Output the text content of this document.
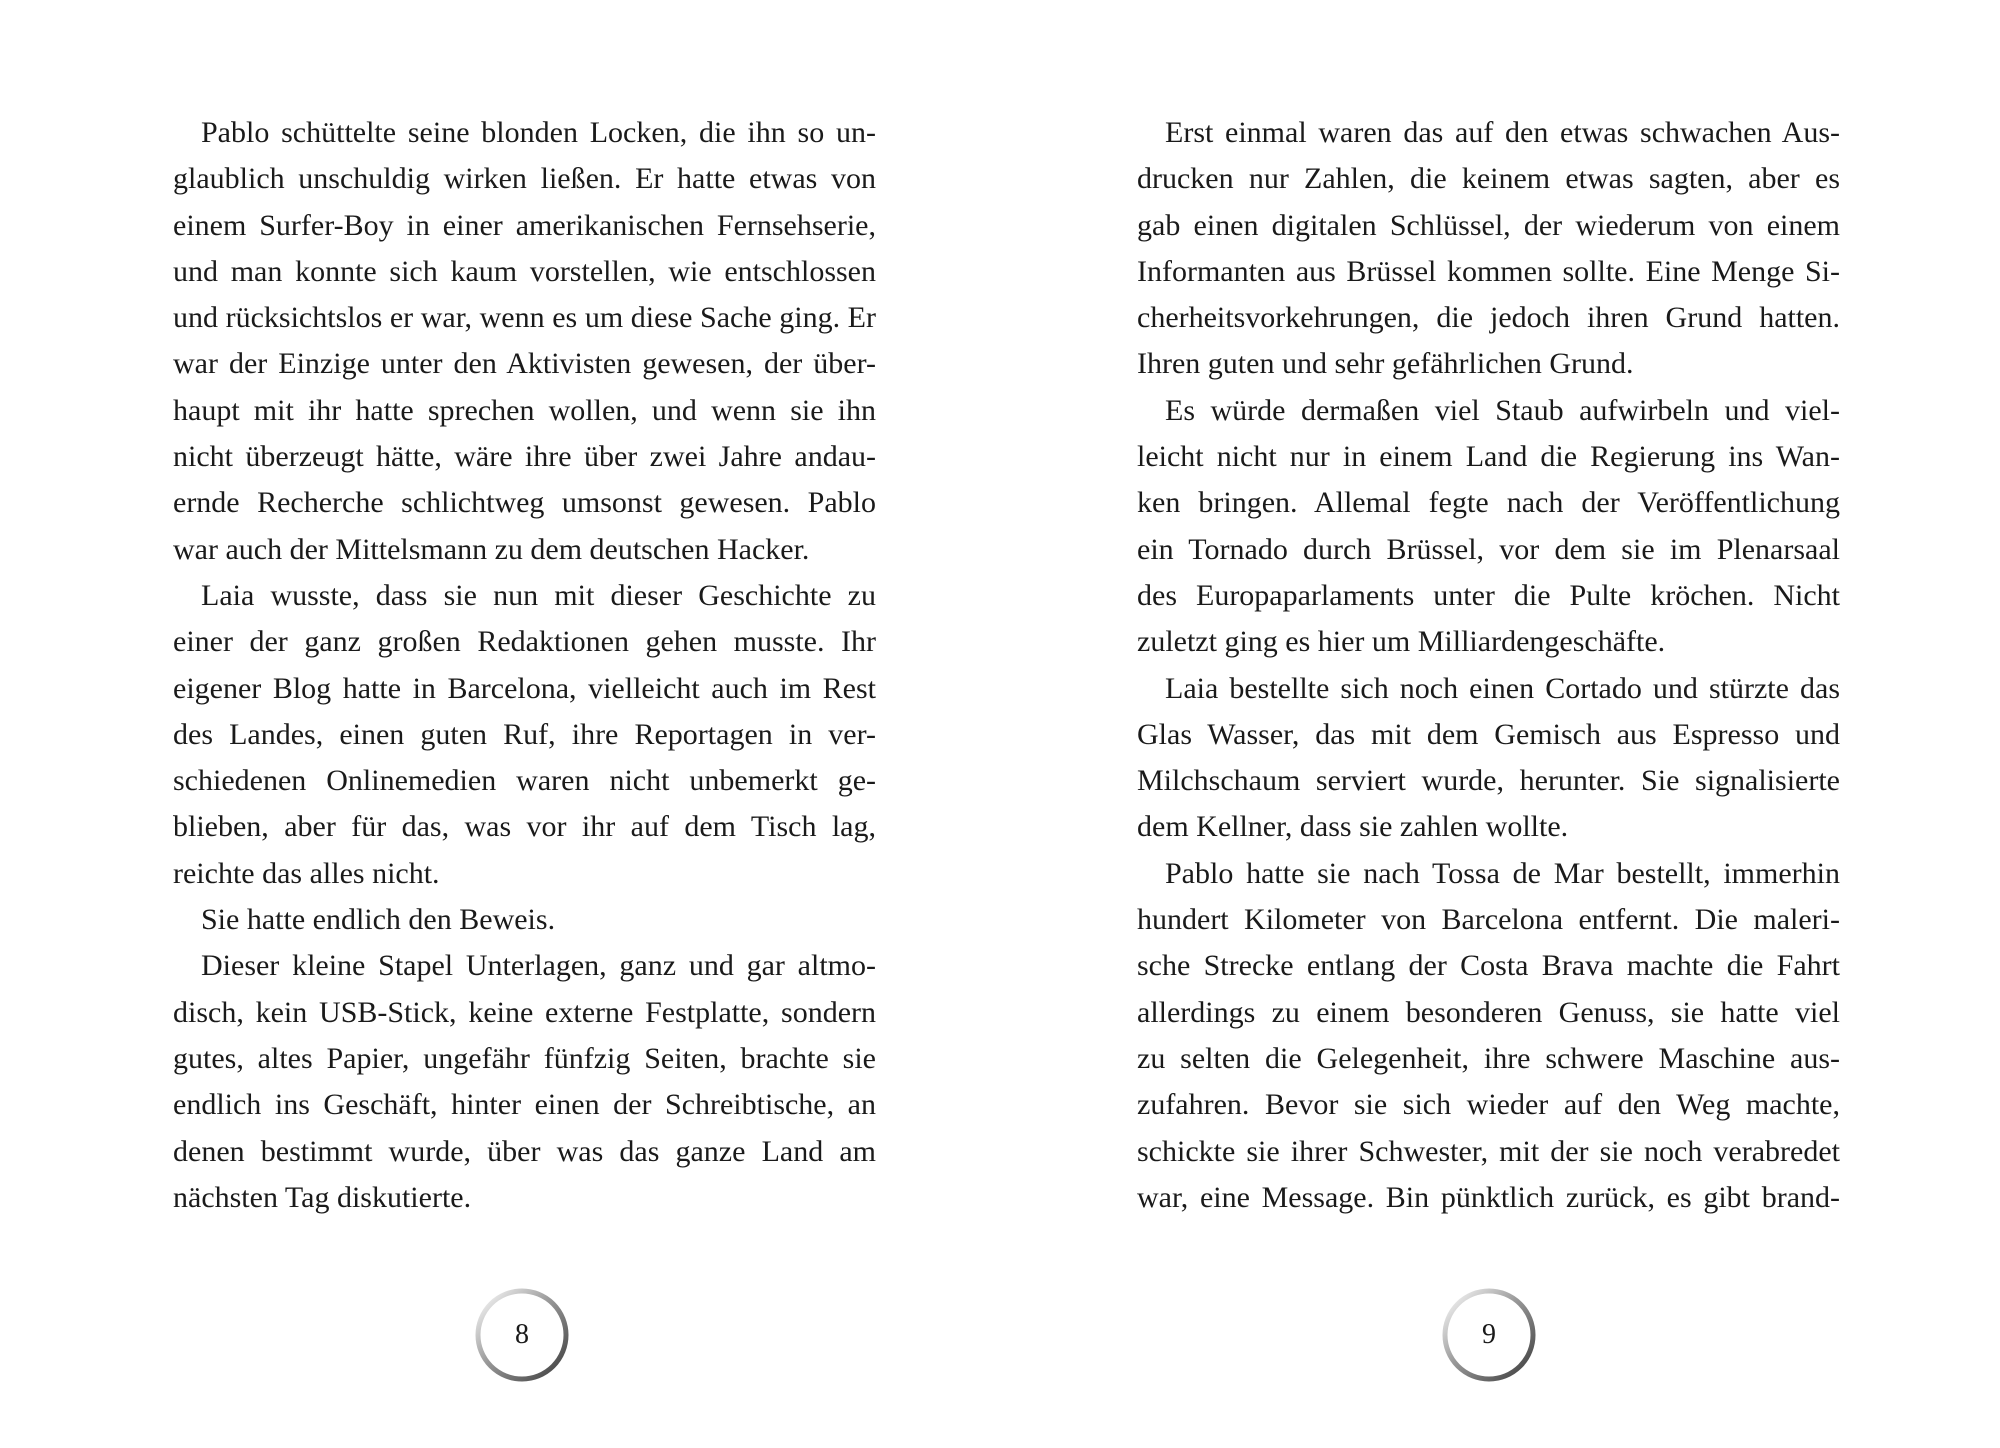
Pablo schüttelte seine blonden Locken, die ihn so un-
glaublich unschuldig wirken ließen. Er hatte etwas von
einem Surfer-Boy in einer amerikanischen Fernsehserie,
und man konnte sich kaum vorstellen, wie entschlossen
und rücksichtslos er war, wenn es um diese Sache ging. Er
war der Einzige unter den Aktivisten gewesen, der über-
haupt mit ihr hatte sprechen wollen, und wenn sie ihn
nicht überzeugt hätte, wäre ihre über zwei Jahre andau-
ernde Recherche schlichtweg umsonst gewesen. Pablo
war auch der Mittelsmann zu dem deutschen Hacker.
Laia wusste, dass sie nun mit dieser Geschichte zu
einer der ganz großen Redaktionen gehen musste. Ihr
eigener Blog hatte in Barcelona, vielleicht auch im Rest
des Landes, einen guten Ruf, ihre Reportagen in ver-
schiedenen Onlinemedien waren nicht unbemerkt ge-
blieben, aber für das, was vor ihr auf dem Tisch lag,
reichte das alles nicht.
Sie hatte endlich den Beweis.
Dieser kleine Stapel Unterlagen, ganz und gar altmo-
disch, kein USB-Stick, keine externe Festplatte, sondern
gutes, altes Papier, ungefähr fünfzig Seiten, brachte sie
endlich ins Geschäft, hinter einen der Schreibtische, an
denen bestimmt wurde, über was das ganze Land am
nächsten Tag diskutierte.
8
Erst einmal waren das auf den etwas schwachen Aus-
drucken nur Zahlen, die keinem etwas sagten, aber es
gab einen digitalen Schlüssel, der wiederum von einem
Informanten aus Brüssel kommen sollte. Eine Menge Si-
cherheitsvorkehrungen, die jedoch ihren Grund hatten.
Ihren guten und sehr gefährlichen Grund.
Es würde dermaßen viel Staub aufwirbeln und viel-
leicht nicht nur in einem Land die Regierung ins Wan-
ken bringen. Allemal fegte nach der Veröffentlichung
ein Tornado durch Brüssel, vor dem sie im Plenarsaal
des Europaparlaments unter die Pulte kröchen. Nicht
zuletzt ging es hier um Milliardengeschäfte.
Laia bestellte sich noch einen Cortado und stürzte das
Glas Wasser, das mit dem Gemisch aus Espresso und
Milchschaum serviert wurde, herunter. Sie signalisierte
dem Kellner, dass sie zahlen wollte.
Pablo hatte sie nach Tossa de Mar bestellt, immerhin
hundert Kilometer von Barcelona entfernt. Die maleri-
sche Strecke entlang der Costa Brava machte die Fahrt
allerdings zu einem besonderen Genuss, sie hatte viel
zu selten die Gelegenheit, ihre schwere Maschine aus-
zufahren. Bevor sie sich wieder auf den Weg machte,
schickte sie ihrer Schwester, mit der sie noch verabredet
war, eine Message. Bin pünktlich zurück, es gibt brand-
9
